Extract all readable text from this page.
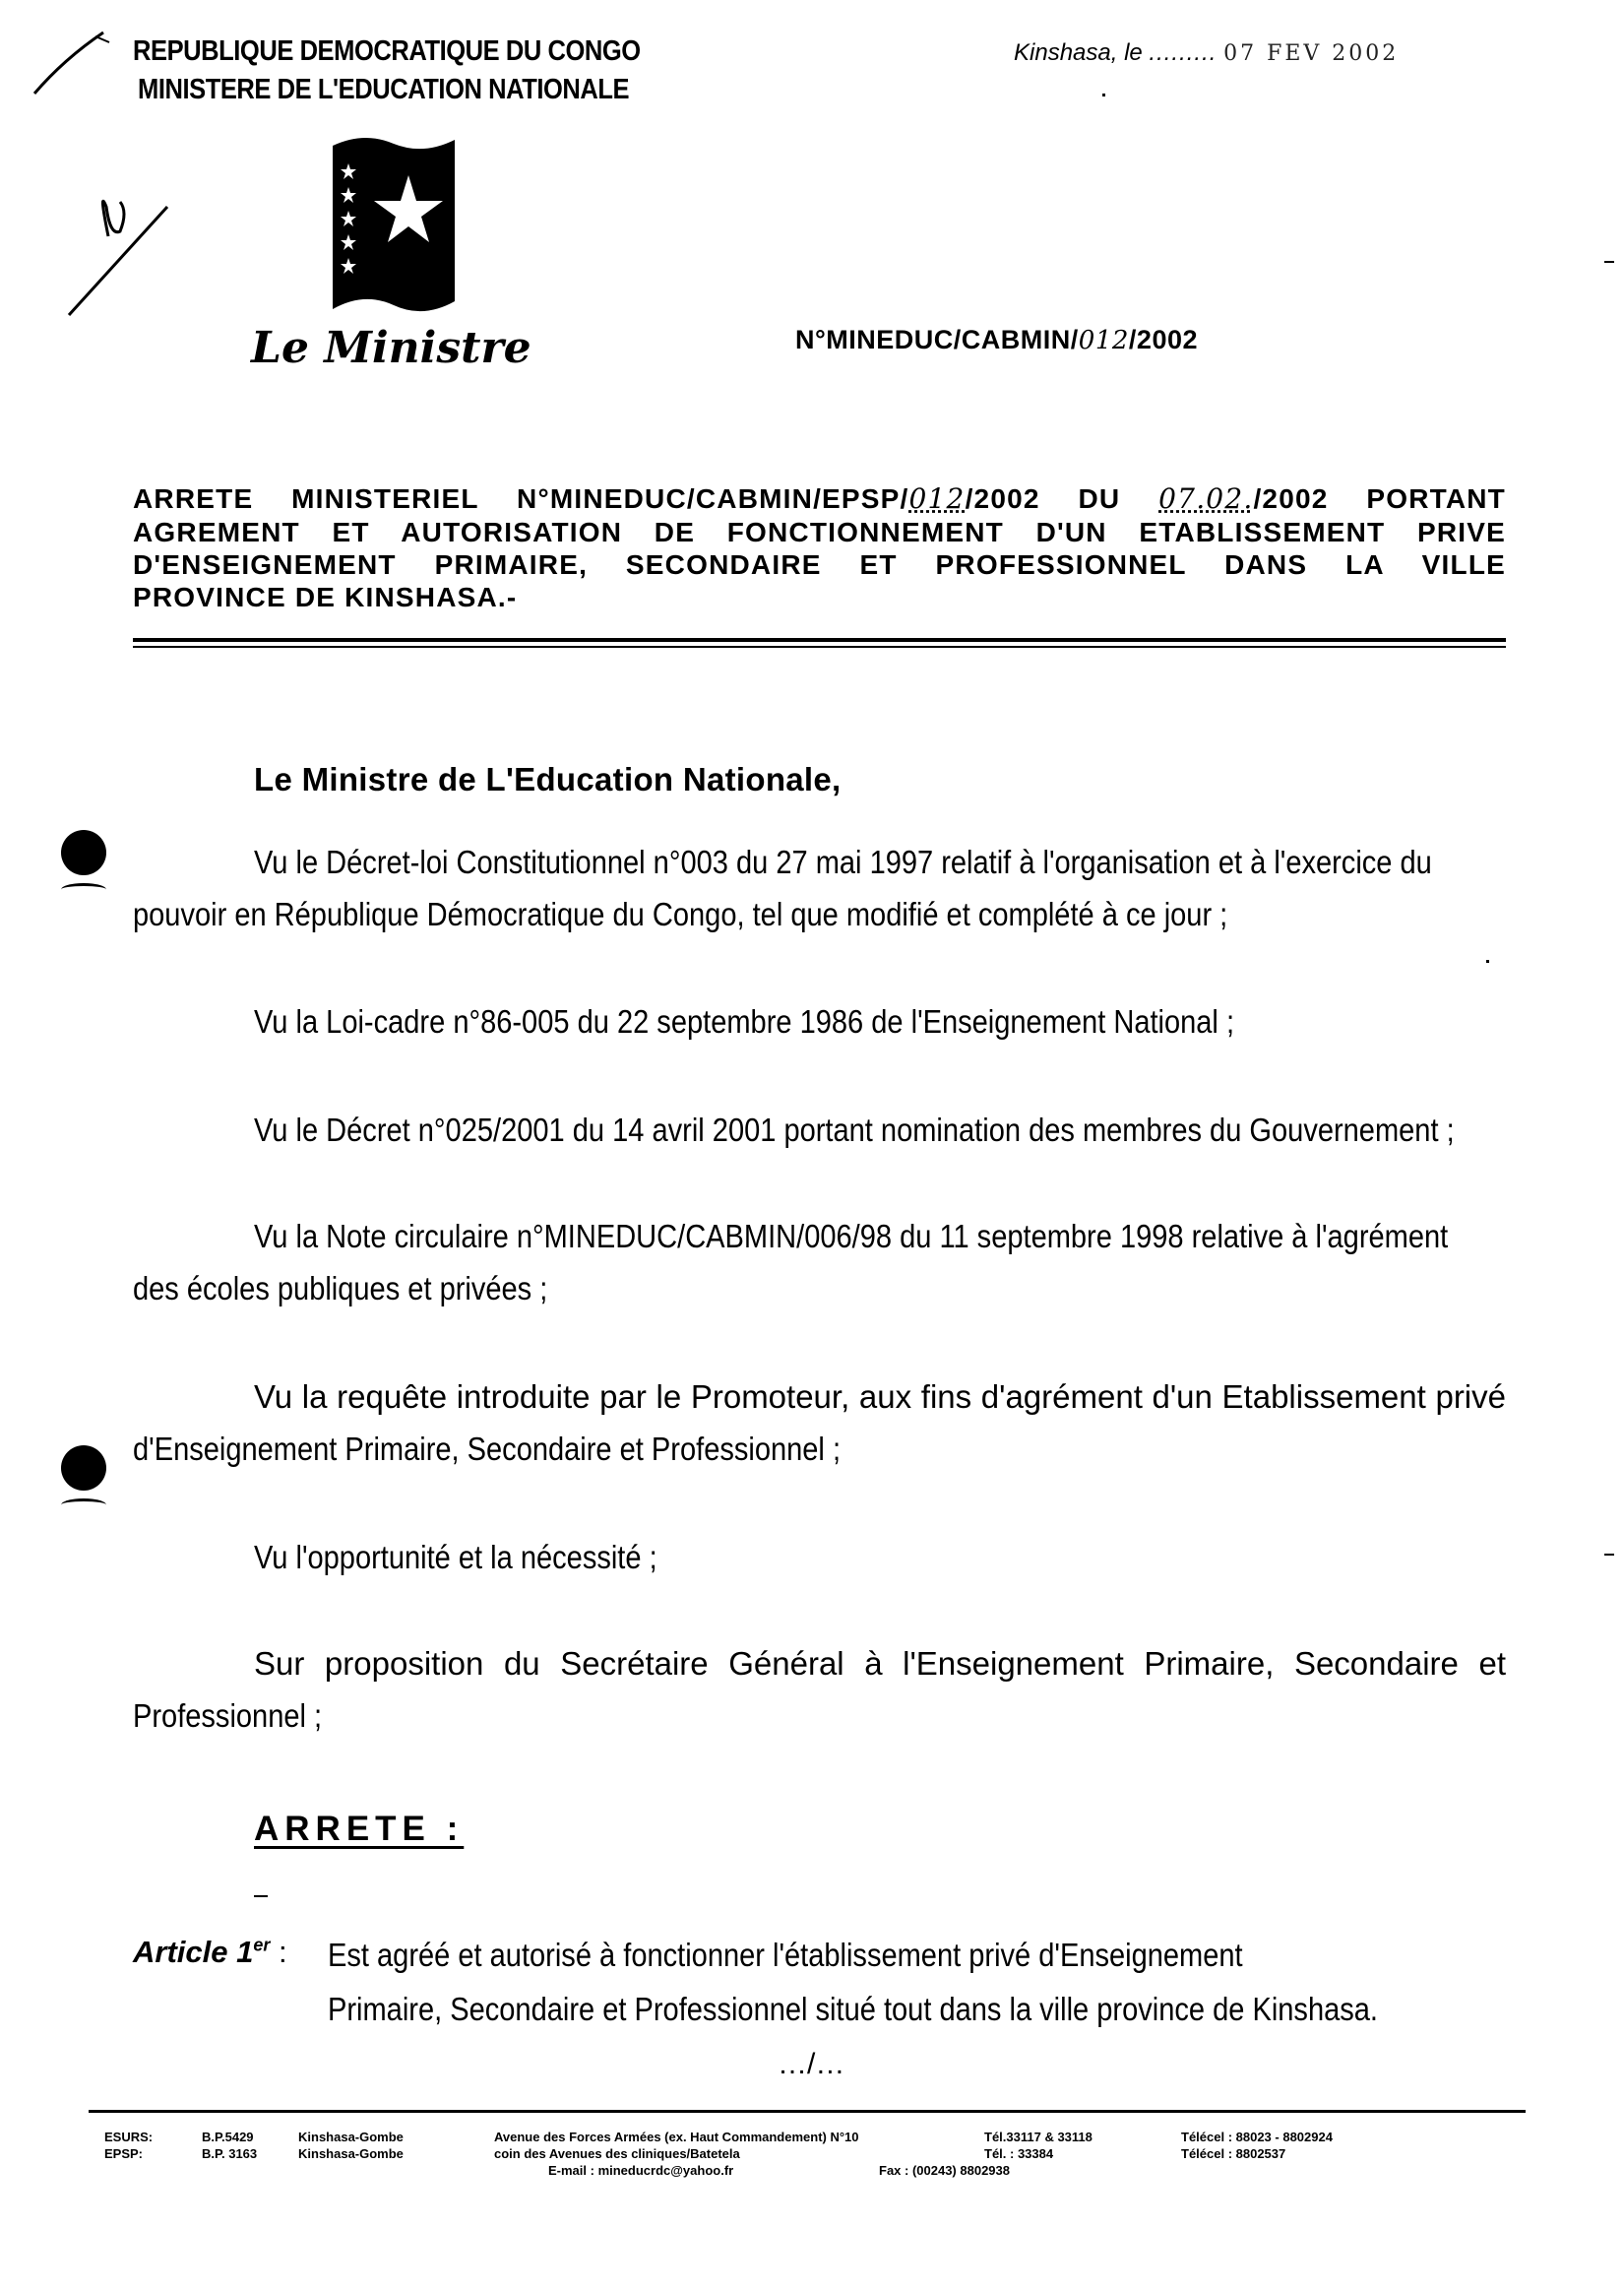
REPUBLIQUE DEMOCRATIQUE DU CONGO
MINISTERE DE L'EDUCATION NATIONALE
Kinshasa, le ......... 07 FEV 2002
Le Ministre	N°MINEDUC/CABMIN/012/2002
ARRETE MINISTERIEL N°MINEDUC/CABMIN/EPSP/012/2002 DU 07.02./2002 PORTANT
AGREMENT ET AUTORISATION DE FONCTIONNEMENT D'UN ETABLISSEMENT PRIVE
D'ENSEIGNEMENT PRIMAIRE, SECONDAIRE ET PROFESSIONNEL DANS LA VILLE
PROVINCE DE KINSHASA.-
Le Ministre de L'Education Nationale,
Vu le Décret-loi Constitutionnel n°003 du 27 mai 1997 relatif à l'organisation et à l'exercice du
pouvoir en République Démocratique du Congo, tel que modifié et complété à ce jour ;
Vu la Loi-cadre n°86-005 du 22 septembre 1986 de l'Enseignement National ;
Vu le Décret n°025/2001 du 14 avril 2001 portant nomination des membres du Gouvernement ;
Vu la Note circulaire n°MINEDUC/CABMIN/006/98 du 11 septembre 1998 relative à l'agrément
des écoles publiques et privées ;
Vu la requête introduite par le Promoteur, aux fins d'agrément d'un Etablissement privé
d'Enseignement Primaire, Secondaire et Professionnel ;
Vu l'opportunité et la nécessité ;
Sur proposition du Secrétaire Général à l'Enseignement Primaire, Secondaire et
Professionnel ;
ARRETE :
Article 1er : Est agréé et autorisé à fonctionner l'établissement privé d'Enseignement
Primaire, Secondaire et Professionnel situé tout dans la ville province de Kinshasa.
…/…
ESURS:	B.P.5429	Kinshasa-Gombe	Avenue des Forces Armées (ex. Haut Commandement) N°10	Tél.33117 & 33118	Télécel : 88023 - 8802924
EPSP:	B.P. 3163	Kinshasa-Gombe	coin des Avenues des cliniques/Batetela	Tél. : 33384	Télécel : 8802537
E-mail : mineducrdc@yahoo.fr	Fax : (00243) 8802938
